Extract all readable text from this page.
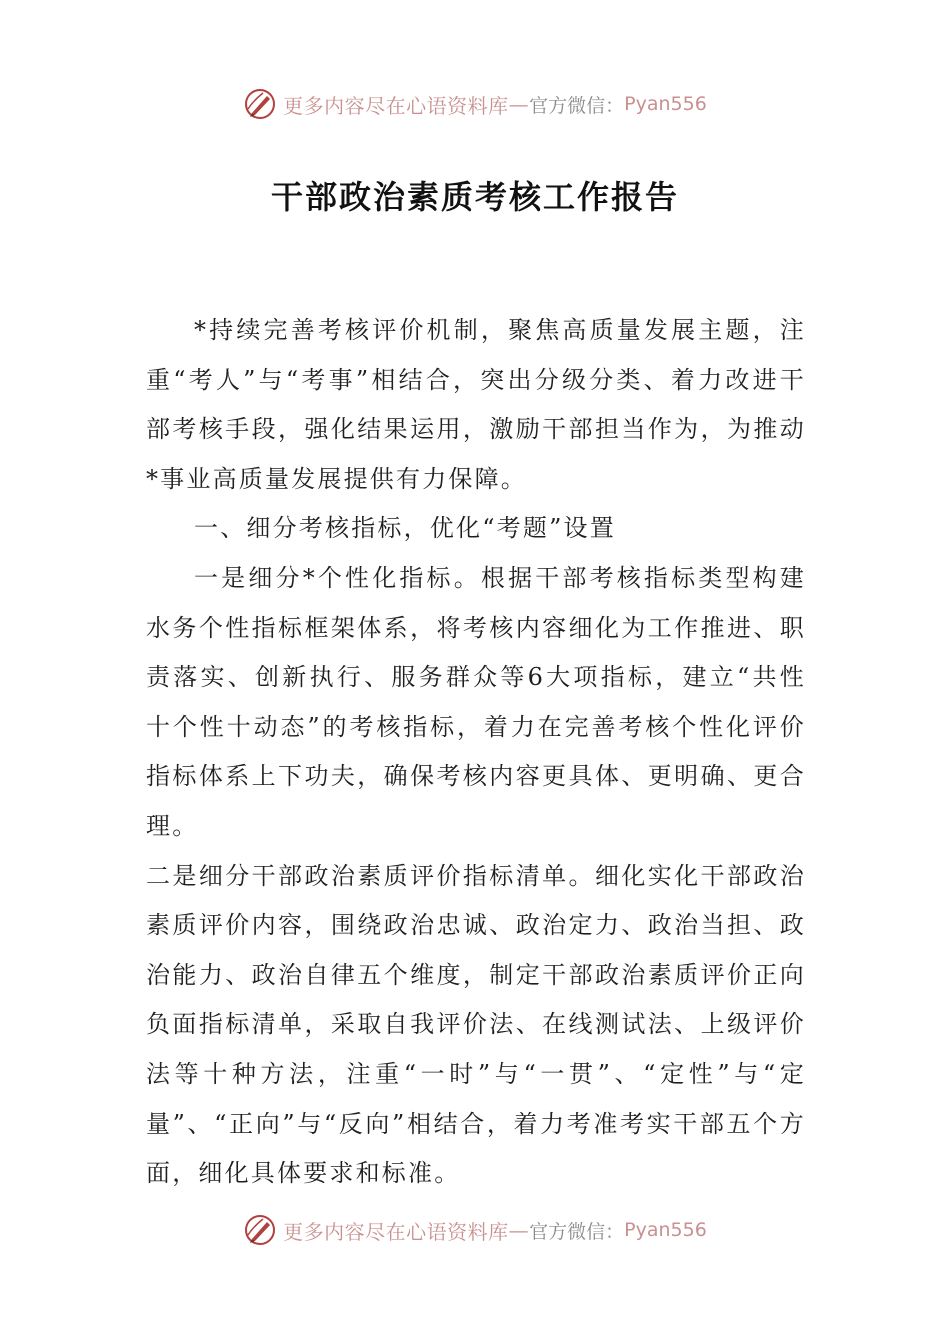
更多内容尽在心语资料库 — 官方微信： Pyan556
干部政治素质考核工作报告

*持续完善考核评价机制，聚焦高质量发展主题，注重“考人”与“考事”相结合，突出分级分类、着力改进干部考核手段，强化结果运用，激励干部担当作为，为推动*事业高质量发展提供有力保障。

一、细分考核指标，优化“考题”设置

一是细分*个性化指标。根据干部考核指标类型构建水务个性指标框架体系，将考核内容细化为工作推进、职责落实、创新执行、服务群众等6大项指标，建立“共性十个性十动态”的考核指标，着力在完善考核个性化评价指标体系上下功夫，确保考核内容更具体、更明确、更合理。

二是细分干部政治素质评价指标清单。细化实化干部政治素质评价内容，围绕政治忠诚、政治定力、政治当担、政治能力、政治自律五个维度，制定干部政治素质评价正向负面指标清单，采取自我评价法、在线测试法、上级评价法等十种方法，注重“一时”与“一贯”、“定性”与“定量”、“正向”与“反向”相结合，着力考准考实干部五个方面，细化具体要求和标准。

更多内容尽在心语资料库 — 官方微信： Pyan556
